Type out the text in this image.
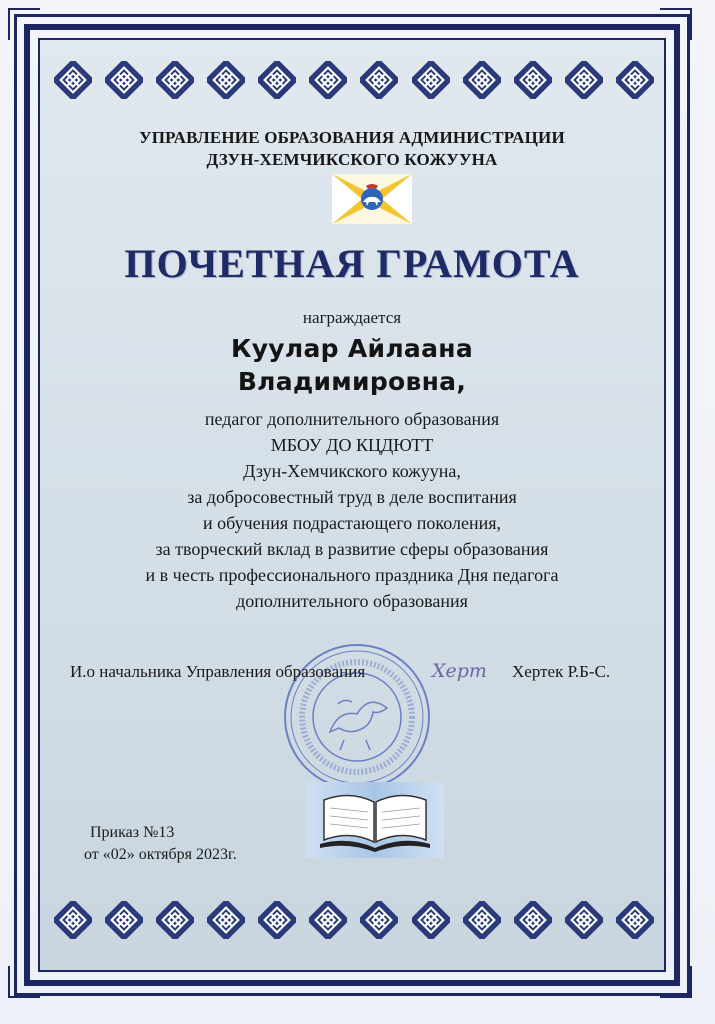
УПРАВЛЕНИЕ ОБРАЗОВАНИЯ АДМИНИСТРАЦИИ
ДЗУН-ХЕМЧИКСКОГО КОЖУУНА
ПОЧЕТНАЯ ГРАМОТА
награждается
Куулар Айлаана
Владимировна,
педагог дополнительного образования
МБОУ ДО КЦДЮТТ
Дзун-Хемчикского кожууна,
за добросовестный труд в деле воспитания
и обучения подрастающего поколения,
за творческий вклад в развитие сферы образования
и в честь профессионального праздника Дня педагога
дополнительного образования
И.о начальника Управления образования	Хертек Р.Б-С.
Херт
Приказ №13
от «02» октября 2023г.
